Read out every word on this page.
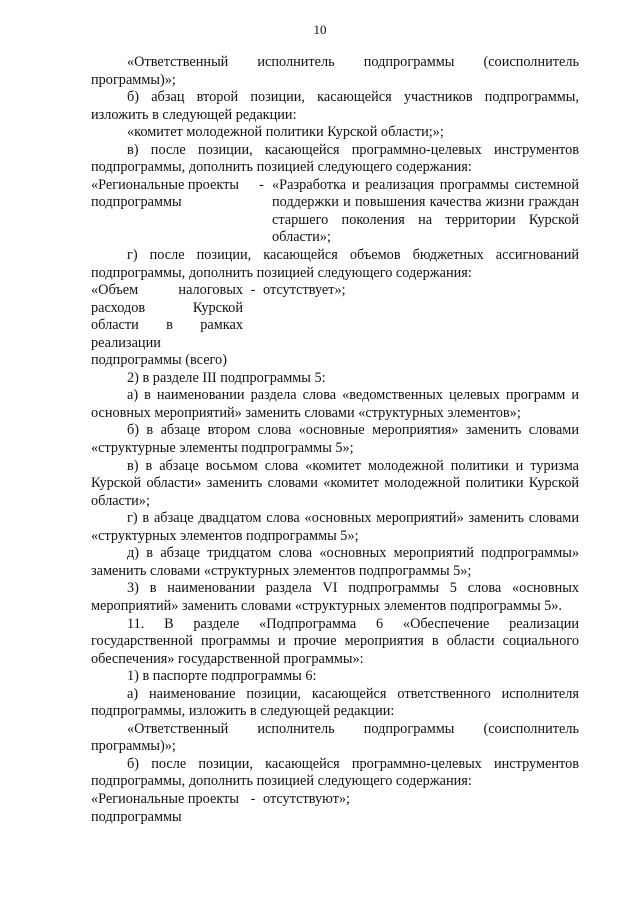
10

«Ответственный исполнитель подпрограммы (соисполнитель программы)»;

б) абзац второй позиции, касающейся участников подпрограммы, изложить в следующей редакции:

«комитет молодежной политики Курской области;»;

в) после позиции, касающейся программно-целевых инструментов подпрограммы, дополнить позицией следующего содержания:

«Региональные проекты подпрограммы
- «Разработка и реализация программы системной поддержки и повышения качества жизни граждан старшего поколения на территории Курской области»;

г) после позиции, касающейся объемов бюджетных ассигнований подпрограммы, дополнить позицией следующего содержания:

«Объем налоговых расходов Курской области в рамках реализации подпрограммы (всего)
- отсутствует»;

2) в разделе III подпрограммы 5:

а) в наименовании раздела слова «ведомственных целевых программ и основных мероприятий» заменить словами «структурных элементов»;

б) в абзаце втором слова «основные мероприятия» заменить словами «структурные элементы подпрограммы 5»;

в) в абзаце восьмом слова «комитет молодежной политики и туризма Курской области» заменить словами «комитет молодежной политики Курской области»;

г) в абзаце двадцатом слова «основных мероприятий» заменить словами «структурных элементов подпрограммы 5»;

д) в абзаце тридцатом слова «основных мероприятий подпрограммы» заменить словами «структурных элементов подпрограммы 5»;

3) в наименовании раздела VI подпрограммы 5 слова «основных мероприятий» заменить словами «структурных элементов подпрограммы 5».

11. В разделе «Подпрограмма 6 «Обеспечение реализации государственной программы и прочие мероприятия в области социального обеспечения» государственной программы»:

1) в паспорте подпрограммы 6:

а) наименование позиции, касающейся ответственного исполнителя подпрограммы, изложить в следующей редакции:

«Ответственный исполнитель подпрограммы (соисполнитель программы)»;

б) после позиции, касающейся программно-целевых инструментов подпрограммы, дополнить позицией следующего содержания:

«Региональные проекты подпрограммы
- отсутствуют»;
